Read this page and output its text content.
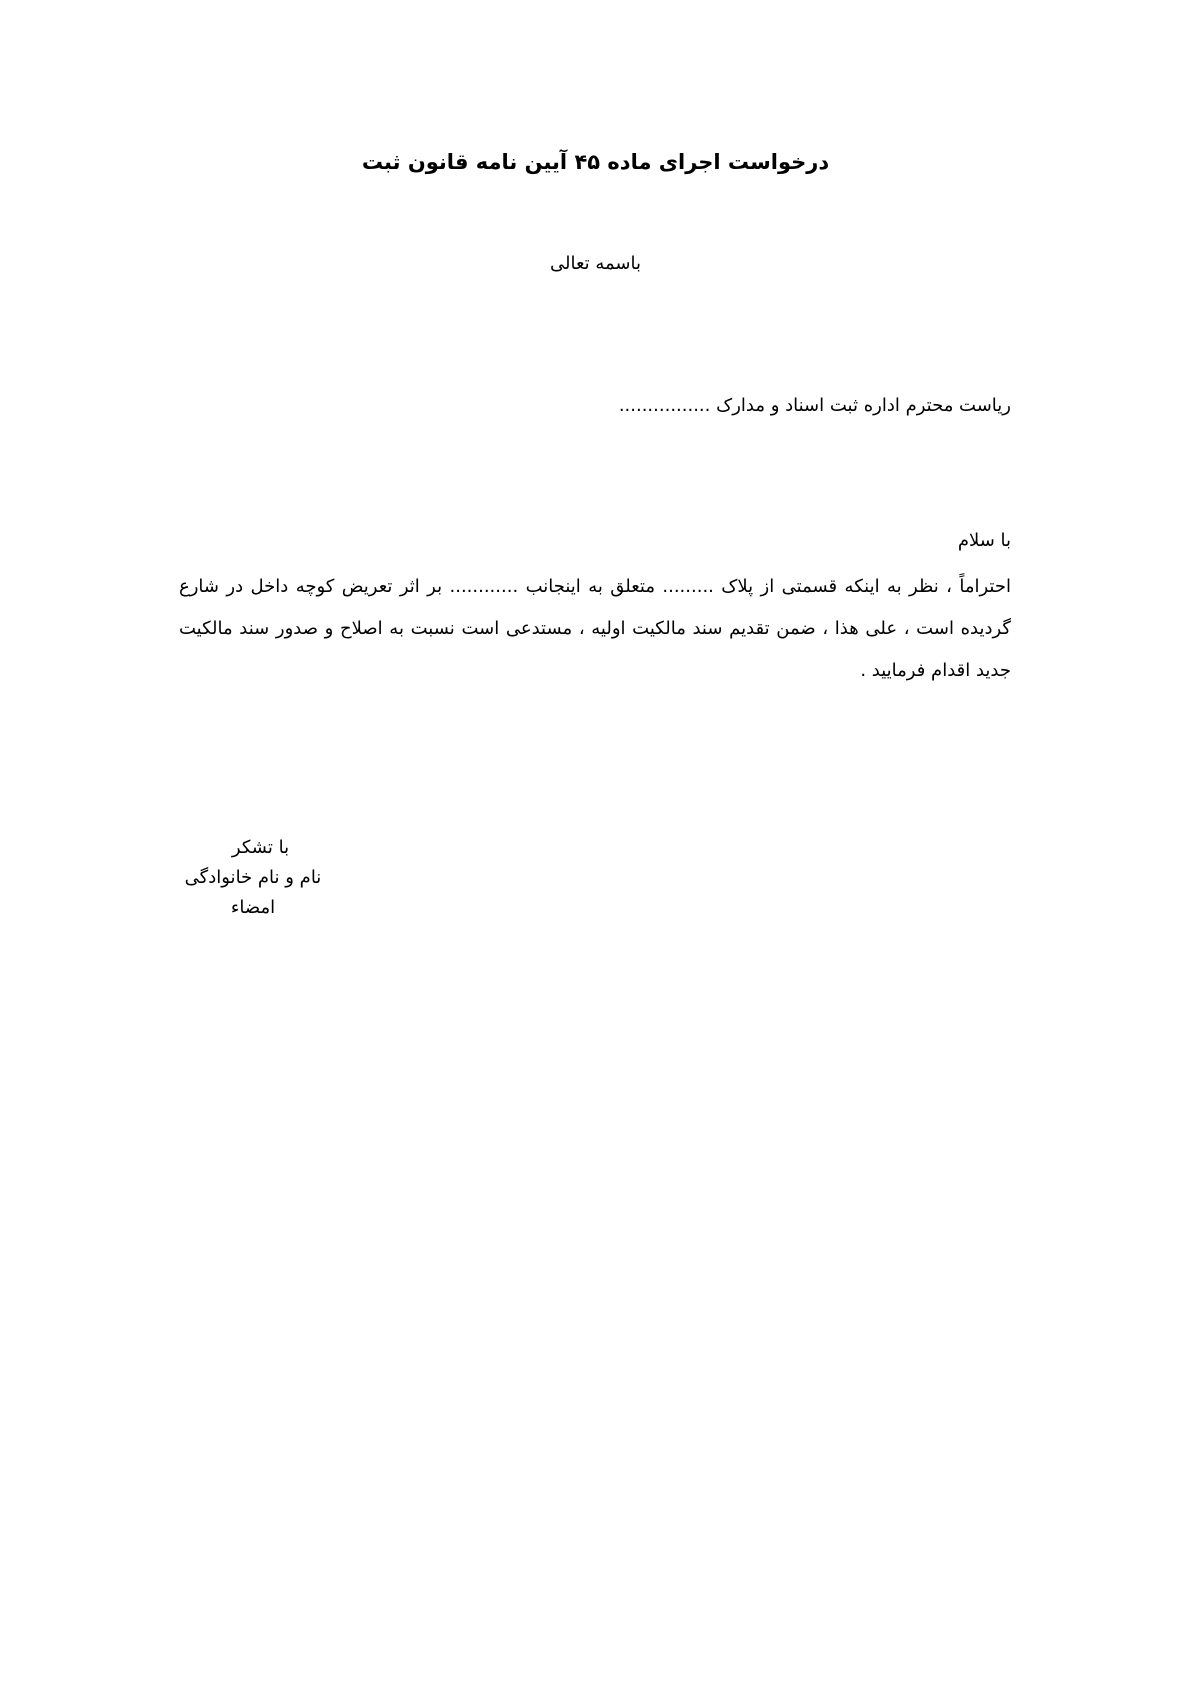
درخواست اجرای ماده ۴۵ آیین نامه قانون ثبت
باسمه تعالی
ریاست محترم اداره ثبت اسناد و مدارک ................
با سلام
احتراماً ، نظر به اینکه قسمتی از پلاک ......... متعلق به اینجانب ............ بر اثر تعریض کوچه داخل در شارع گردیده است ، علی هذا ، ضمن تقدیم سند مالکیت اولیه ، مستدعی است نسبت به اصلاح و صدور سند مالکیت جدید اقدام فرمایید .
با تشکر
نام و نام خانوادگی
امضاء
